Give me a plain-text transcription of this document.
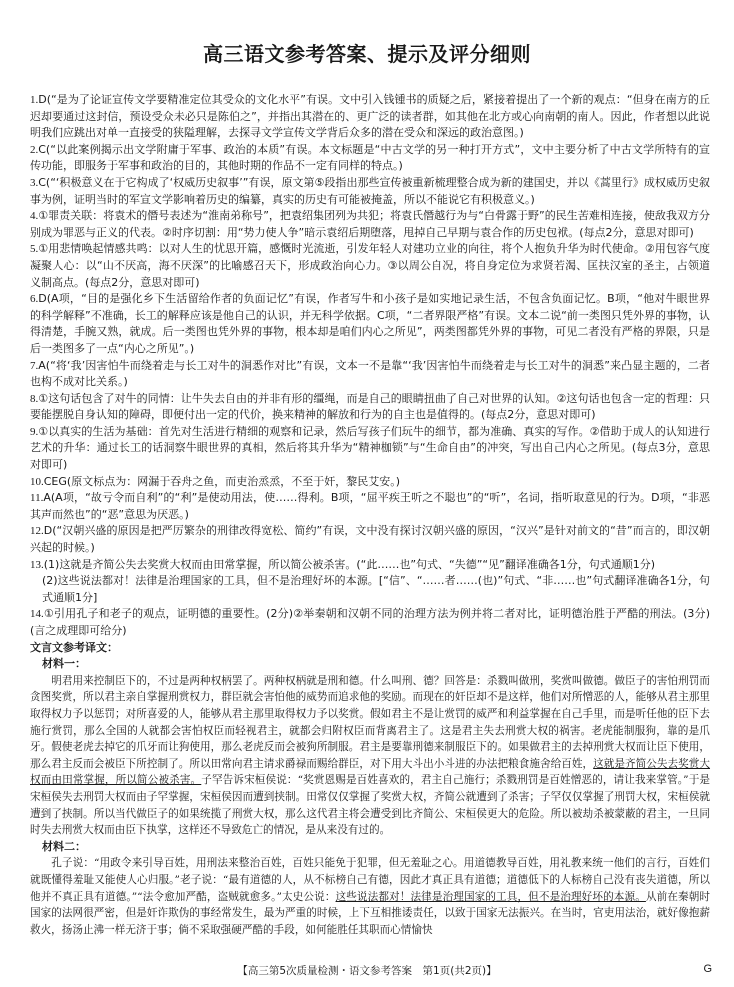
高三语文参考答案、提示及评分细则

1.D(“是为了论证宣传文学要精准定位其受众的文化水平”有误。文中引入钱锺书的质疑之后，紧接着提出了一个新的观点：“但身在南方的丘迟却要通过这封信，预设受众未必只是陈伯之”，并指出其潜在的、更广泛的读者群，如其他在北方或心向南朝的南人。因此，作者想以此说明我们应跳出对单一直接受的狭隘理解，去探寻文学宣传文学背后众多的潜在受众和深远的政治意图。)

2.C(“以此案例揭示出文学附庸于军事、政治的本质”有误。本文标题是“中古文学的另一种打开方式”，文中主要分析了中古文学所特有的宣传功能，即服务于军事和政治的目的，其他时期的作品不一定有同样的特点。)

3.C(“‘积极意义在于它构成了‘权威历史叙事’”有误，原文第⑤段指出那些宣传被重新梳理整合成为新的建国史，并以《蒿里行》成权威历史叙事为例，证明当时的军宣文学影响着历史的编纂，真实的历史有可能被掩盖，所以不能说它有积极意义。)

4.①罪责关联：将袁术的僭号表述为“淮南弟称号”，把袁绍集团列为共犯；将袁氏僭越行为与“白骨露于野”的民生苦难相连接，使敌我双方分别成为罪恶与正义的代表。②时序切割：用“势力使人争”暗示袁绍后期堕落，甩掉自己早期与袁合作的历史包袱。(每点2分，意思对即可)

5.①用悲情唤起情感共鸣：以对人生的忧思开篇，感慨时光流逝，引发年轻人对建功立业的向往，将个人抱负升华为时代使命。②用包容气度凝聚人心：以“山不厌高，海不厌深”的比喻感召天下，形成政治向心力。③以周公自况，将自身定位为求贤若渴、匡扶汉室的圣主，占领道义制高点。(每点2分，意思对即可)

6.D(A项，“目的是强化乡下生活留给作者的负面记忆”有误，作者写牛和小孩子是如实地记录生活，不包含负面记忆。B项，“他对牛眼世界的科学解释”不准确，长工的解释应该是他自己的认识，并无科学依据。C项，“二者界限严格”有误。文本二说“前一类图只凭外界的事物，认得清楚，手腕又熟，就成。后一类图也凭外界的事物，根本却是咱们内心之所见”，两类图都凭外界的事物，可见二者没有严格的界限，只是后一类图多了一点“内心之所见”。)

7.A(“将‘我’因害怕牛而绕着走与长工对牛的洞悉作对比”有误，文本一不是靠“‘我’因害怕牛而绕着走与长工对牛的洞悉”来凸显主题的，二者也构不成对比关系。)

8.①这句话包含了对牛的同情：让牛失去自由的并非有形的缰绳，而是自己的眼睛扭曲了自己对世界的认知。②这句话也包含一定的哲理：只要能摆脱自身认知的障碍，即便付出一定的代价，换来精神的解放和行为的自主也是值得的。(每点2分，意思对即可)

9.①以真实的生活为基础：首先对生活进行精细的观察和记录，然后写孩子们玩牛的细节，都为准确、真实的写作。②借助于成人的认知进行艺术的升华：通过长工的话洞察牛眼世界的真相，然后将其升华为“精神枷锁”与“生命自由”的冲突，写出自己内心之所见。(每点3分，意思对即可)

10.CEG(原文标点为：网漏于吞舟之鱼，而吏治烝烝，不至于奸，黎民艾安。)

11.A(A项，“故亏令而自利”的“利”是使动用法，使……得利。B项，“屈平疾王听之不聪也”的“听”，名词，指听取意见的行为。D项，“非恶其声而然也”的“恶”意思为厌恶。)

12.D(“汉朝兴盛的原因是把严厉繁杂的刑律改得宽松、简约”有误，文中没有探讨汉朝兴盛的原因，“汉兴”是针对前文的“昔”而言的，即汉朝兴起的时候。)

13.(1)这就是齐简公失去奖赏大权而由田常掌握，所以简公被杀害。(“此……也”句式、“失德”“见”翻译准确各1分，句式通顺1分)

(2)这些说法都对！法律是治理国家的工具，但不是治理好坏的本源。[“信”、“……者……(也)”句式、“非……也”句式翻译准确各1分，句式通顺1分]

14.①引用孔子和老子的观点，证明德的重要性。(2分)②举秦朝和汉朝不同的治理方法为例并将二者对比，证明德治胜于严酷的刑法。(3分)(言之成理即可给分)

文言文参考译文：

材料一：

明君用来控制臣下的，不过是两种权柄罢了。两种权柄就是刑和德。什么叫刑、德？回答是：杀戮叫做刑，奖赏叫做德。做臣子的害怕刑罚而贪图奖赏，所以君主亲自掌握刑赏权力，群臣就会害怕他的威势而追求他的奖励。而现在的奸臣却不是这样，他们对所憎恶的人，能够从君主那里取得权力予以惩罚；对所喜爱的人，能够从君主那里取得权力予以奖赏。假如君主不是让赏罚的威严和利益掌握在自己手里，而是听任他的臣下去施行赏罚，那么全国的人就都会害怕权臣而轻视君主，就都会归附权臣而背离君主了。这是君主失去刑赏大权的祸害。老虎能制服狗，靠的是爪牙。假使老虎去掉它的爪牙而让狗使用，那么老虎反而会被狗所制服。君主是要靠刑德来制服臣下的。如果做君主的去掉刑赏大权而让臣下使用，那么君主反而会被臣下所控制了。所以田常向君主请求爵禄而赐给群臣，对下用大斗出小斗进的办法把粮食施舍给百姓，这就是齐简公失去奖赏大权而由田常掌握，所以简公被杀害。子罕告诉宋桓侯说：“奖赏恩赐是百姓喜欢的，君主自己施行；杀戮刑罚是百姓憎恶的，请让我来掌管。”于是宋桓侯失去刑罚大权而由子罕掌握，宋桓侯因而遭到挟制。田常仅仅掌握了奖赏大权，齐简公就遭到了杀害；子罕仅仅掌握了刑罚大权，宋桓侯就遭到了挟制。所以当代做臣子的如果统揽了刑赏大权，那么这代君主将会遭受到比齐简公、宋桓侯更大的危险。所以被劫杀被蒙蔽的君主，一旦同时失去刑赏大权而由臣下执掌，这样还不导致危亡的情况，是从来没有过的。

材料二：

孔子说：“用政令来引导百姓，用刑法来整治百姓，百姓只能免于犯罪，但无羞耻之心。用道德教导百姓，用礼教来统一他们的言行，百姓们就既懂得羞耻又能使人心归服。”老子说：“最有道德的人，从不标榜自己有德，因此才真正具有道德；道德低下的人标榜自己没有丧失道德，所以他并不真正具有道德。”“法令愈加严酷，盗贼就愈多。”太史公说：这些说法都对！法律是治理国家的工具，但不是治理好坏的本源。从前在秦朝时国家的法网很严密，但是奸诈欺伪的事经常发生，最为严重的时候，上下互相推诿责任，以致于国家无法振兴。在当时，官吏用法治，就好像抱薪救火，扬汤止沸一样无济于事；倘不采取强硬严酷的手段，如何能胜任其职而心情愉快

【高三第5次质量检测・语文参考答案　第1页(共2页)】	G
